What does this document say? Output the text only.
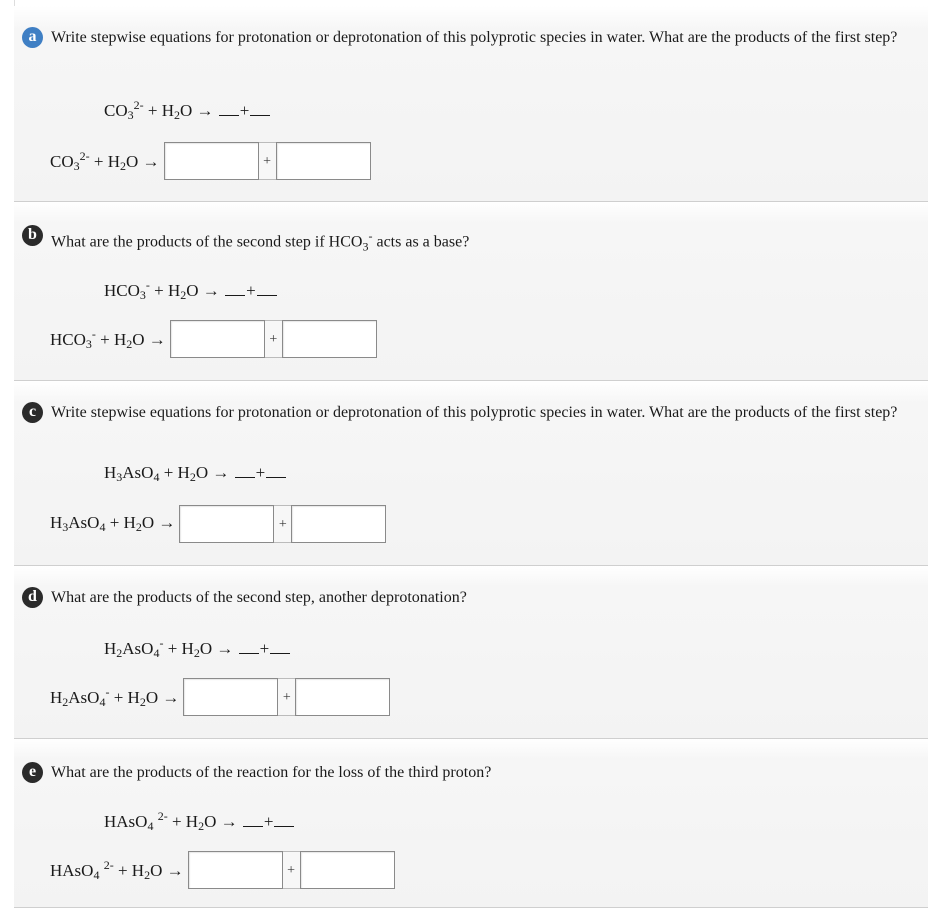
a Write stepwise equations for protonation or deprotonation of this polyprotic species in water. What are the products of the first step?
$CO_3^{2-} + H_2O$ → +
$CO_3^{2-} + H_2O$ →	+
b What are the products of the second step if $HCO_3^-$ acts as a base?
$HCO_3^- + H_2O$ → +
$HCO_3^- + H_2O$ →	+
c Write stepwise equations for protonation or deprotonation of this polyprotic species in water. What are the products of the first step?
$H_3AsO_4 + H_2O$ → +
$H_3AsO_4 + H_2O$ →	+
d What are the products of the second step, another deprotonation?
$H_2AsO_4^- + H_2O$ → +
$H_2AsO_4^- + H_2O$ →	+
e What are the products of the reaction for the loss of the third proton?
HAsO$_4$ $^{2-} + H_2O$ → +
HAsO$_4$ $^{2-} + H_2O$ →	+
